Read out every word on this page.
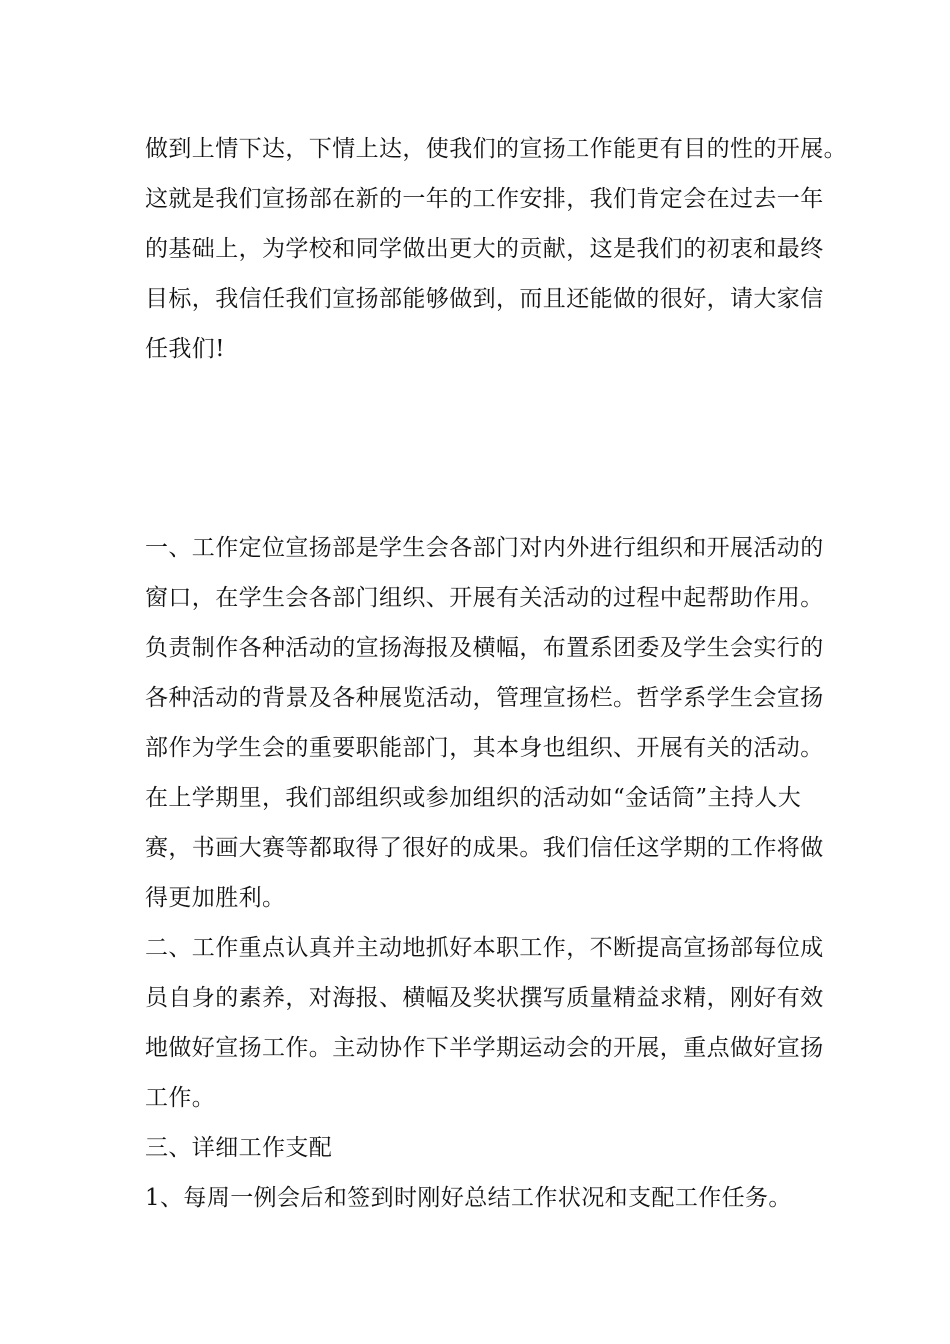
做到上情下达，下情上达，使我们的宣扬工作能更有目的性的开展。
这就是我们宣扬部在新的一年的工作安排，我们肯定会在过去一年
的基础上，为学校和同学做出更大的贡献，这是我们的初衷和最终
目标，我信任我们宣扬部能够做到，而且还能做的很好，请大家信
任我们!
一、工作定位宣扬部是学生会各部门对内外进行组织和开展活动的
窗口，在学生会各部门组织、开展有关活动的过程中起帮助作用。
负责制作各种活动的宣扬海报及横幅，布置系团委及学生会实行的
各种活动的背景及各种展览活动，管理宣扬栏。哲学系学生会宣扬
部作为学生会的重要职能部门，其本身也组织、开展有关的活动。
在上学期里，我们部组织或参加组织的活动如“金话筒”主持人大
赛，书画大赛等都取得了很好的成果。我们信任这学期的工作将做
得更加胜利。
二、工作重点认真并主动地抓好本职工作，不断提高宣扬部每位成
员自身的素养，对海报、横幅及奖状撰写质量精益求精，刚好有效
地做好宣扬工作。主动协作下半学期运动会的开展，重点做好宣扬
工作。
三、详细工作支配
1、每周一例会后和签到时刚好总结工作状况和支配工作任务。
